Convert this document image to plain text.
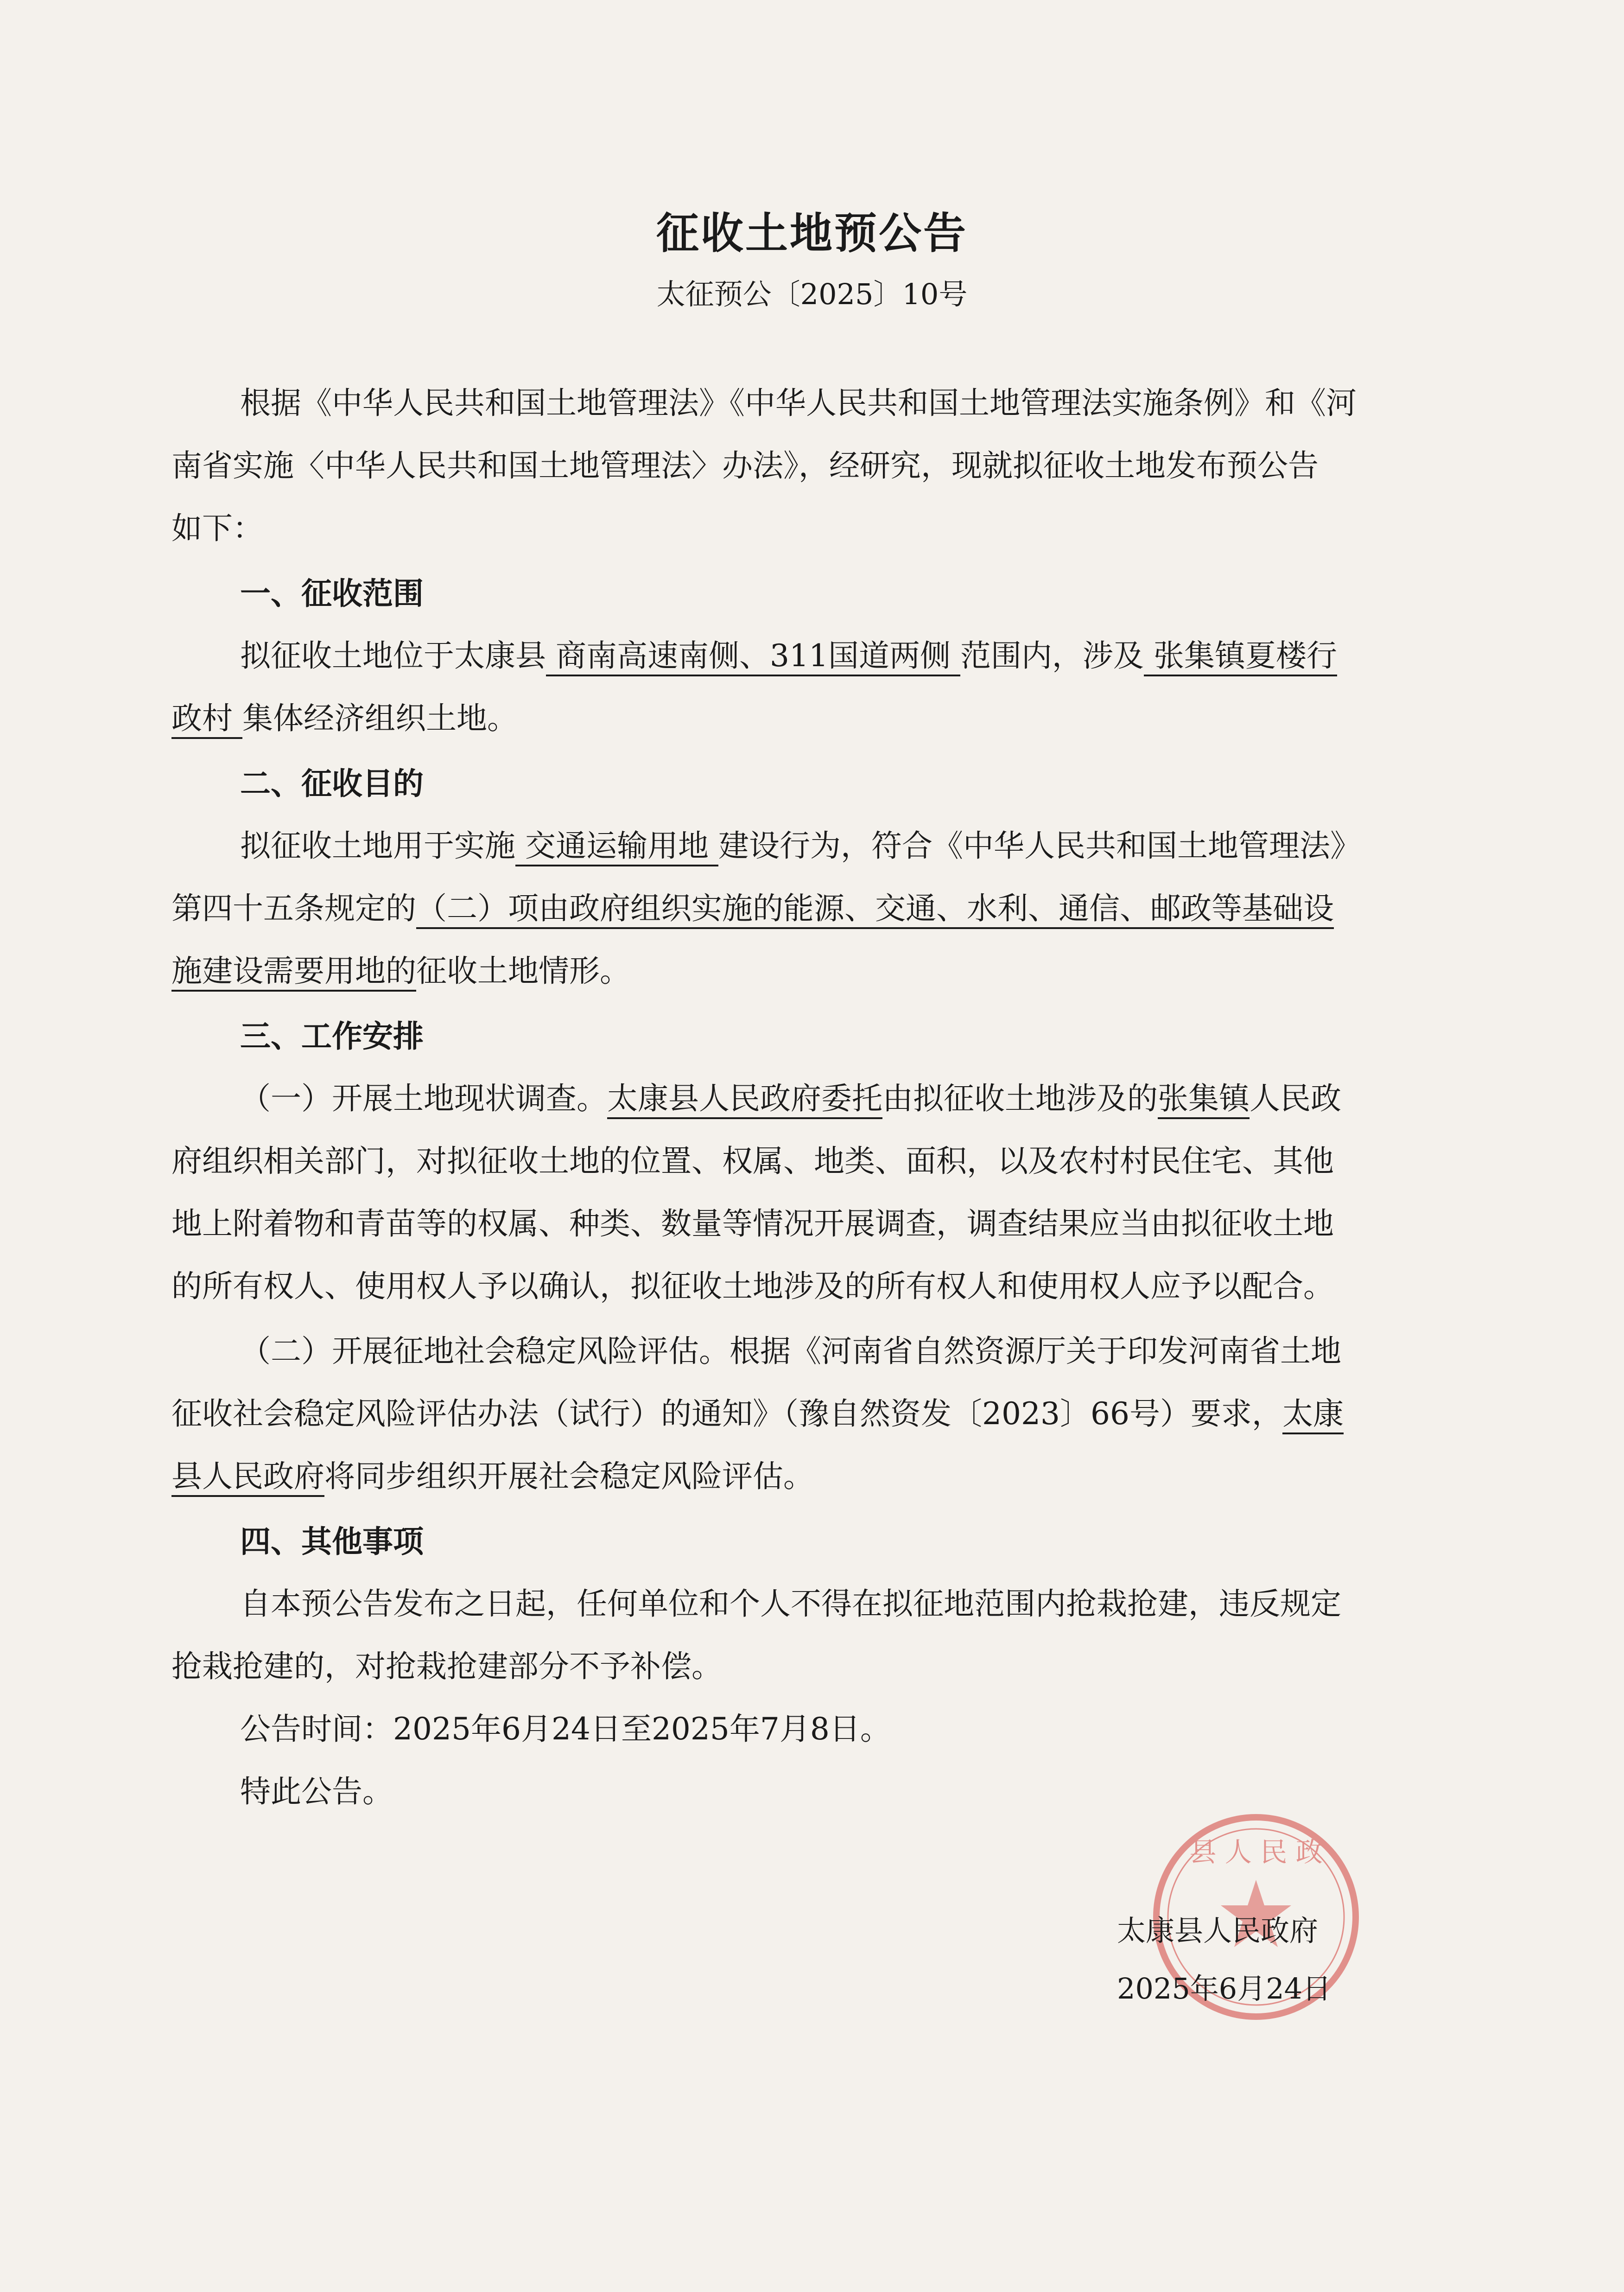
征收土地预公告
太征预公〔2025〕10号
根据《中华人民共和国土地管理法》《中华人民共和国土地管理法实施条例》和《河
南省实施〈中华人民共和国土地管理法〉办法》，经研究，现就拟征收土地发布预公告
如下：
一、征收范围
拟征收土地位于太康县 商南高速南侧、311国道两侧 范围内，涉及 张集镇夏楼行
政村 集体经济组织土地。
二、征收目的
拟征收土地用于实施 交通运输用地 建设行为，符合《中华人民共和国土地管理法》
第四十五条规定的（二）项由政府组织实施的能源、交通、水利、通信、邮政等基础设
施建设需要用地的征收土地情形。
三、工作安排
（一）开展土地现状调查。太康县人民政府委托由拟征收土地涉及的张集镇人民政
府组织相关部门，对拟征收土地的位置、权属、地类、面积，以及农村村民住宅、其他
地上附着物和青苗等的权属、种类、数量等情况开展调查，调查结果应当由拟征收土地
的所有权人、使用权人予以确认，拟征收土地涉及的所有权人和使用权人应予以配合。
（二）开展征地社会稳定风险评估。根据《河南省自然资源厅关于印发河南省土地
征收社会稳定风险评估办法（试行）的通知》（豫自然资发〔2023〕66号）要求，太康
县人民政府将同步组织开展社会稳定风险评估。
四、其他事项
自本预公告发布之日起，任何单位和个人不得在拟征地范围内抢栽抢建，违反规定
抢栽抢建的，对抢栽抢建部分不予补偿。
公告时间：2025年6月24日至2025年7月8日。
特此公告。
县 人 民 政
太康县人民政府
2025年6月24日
